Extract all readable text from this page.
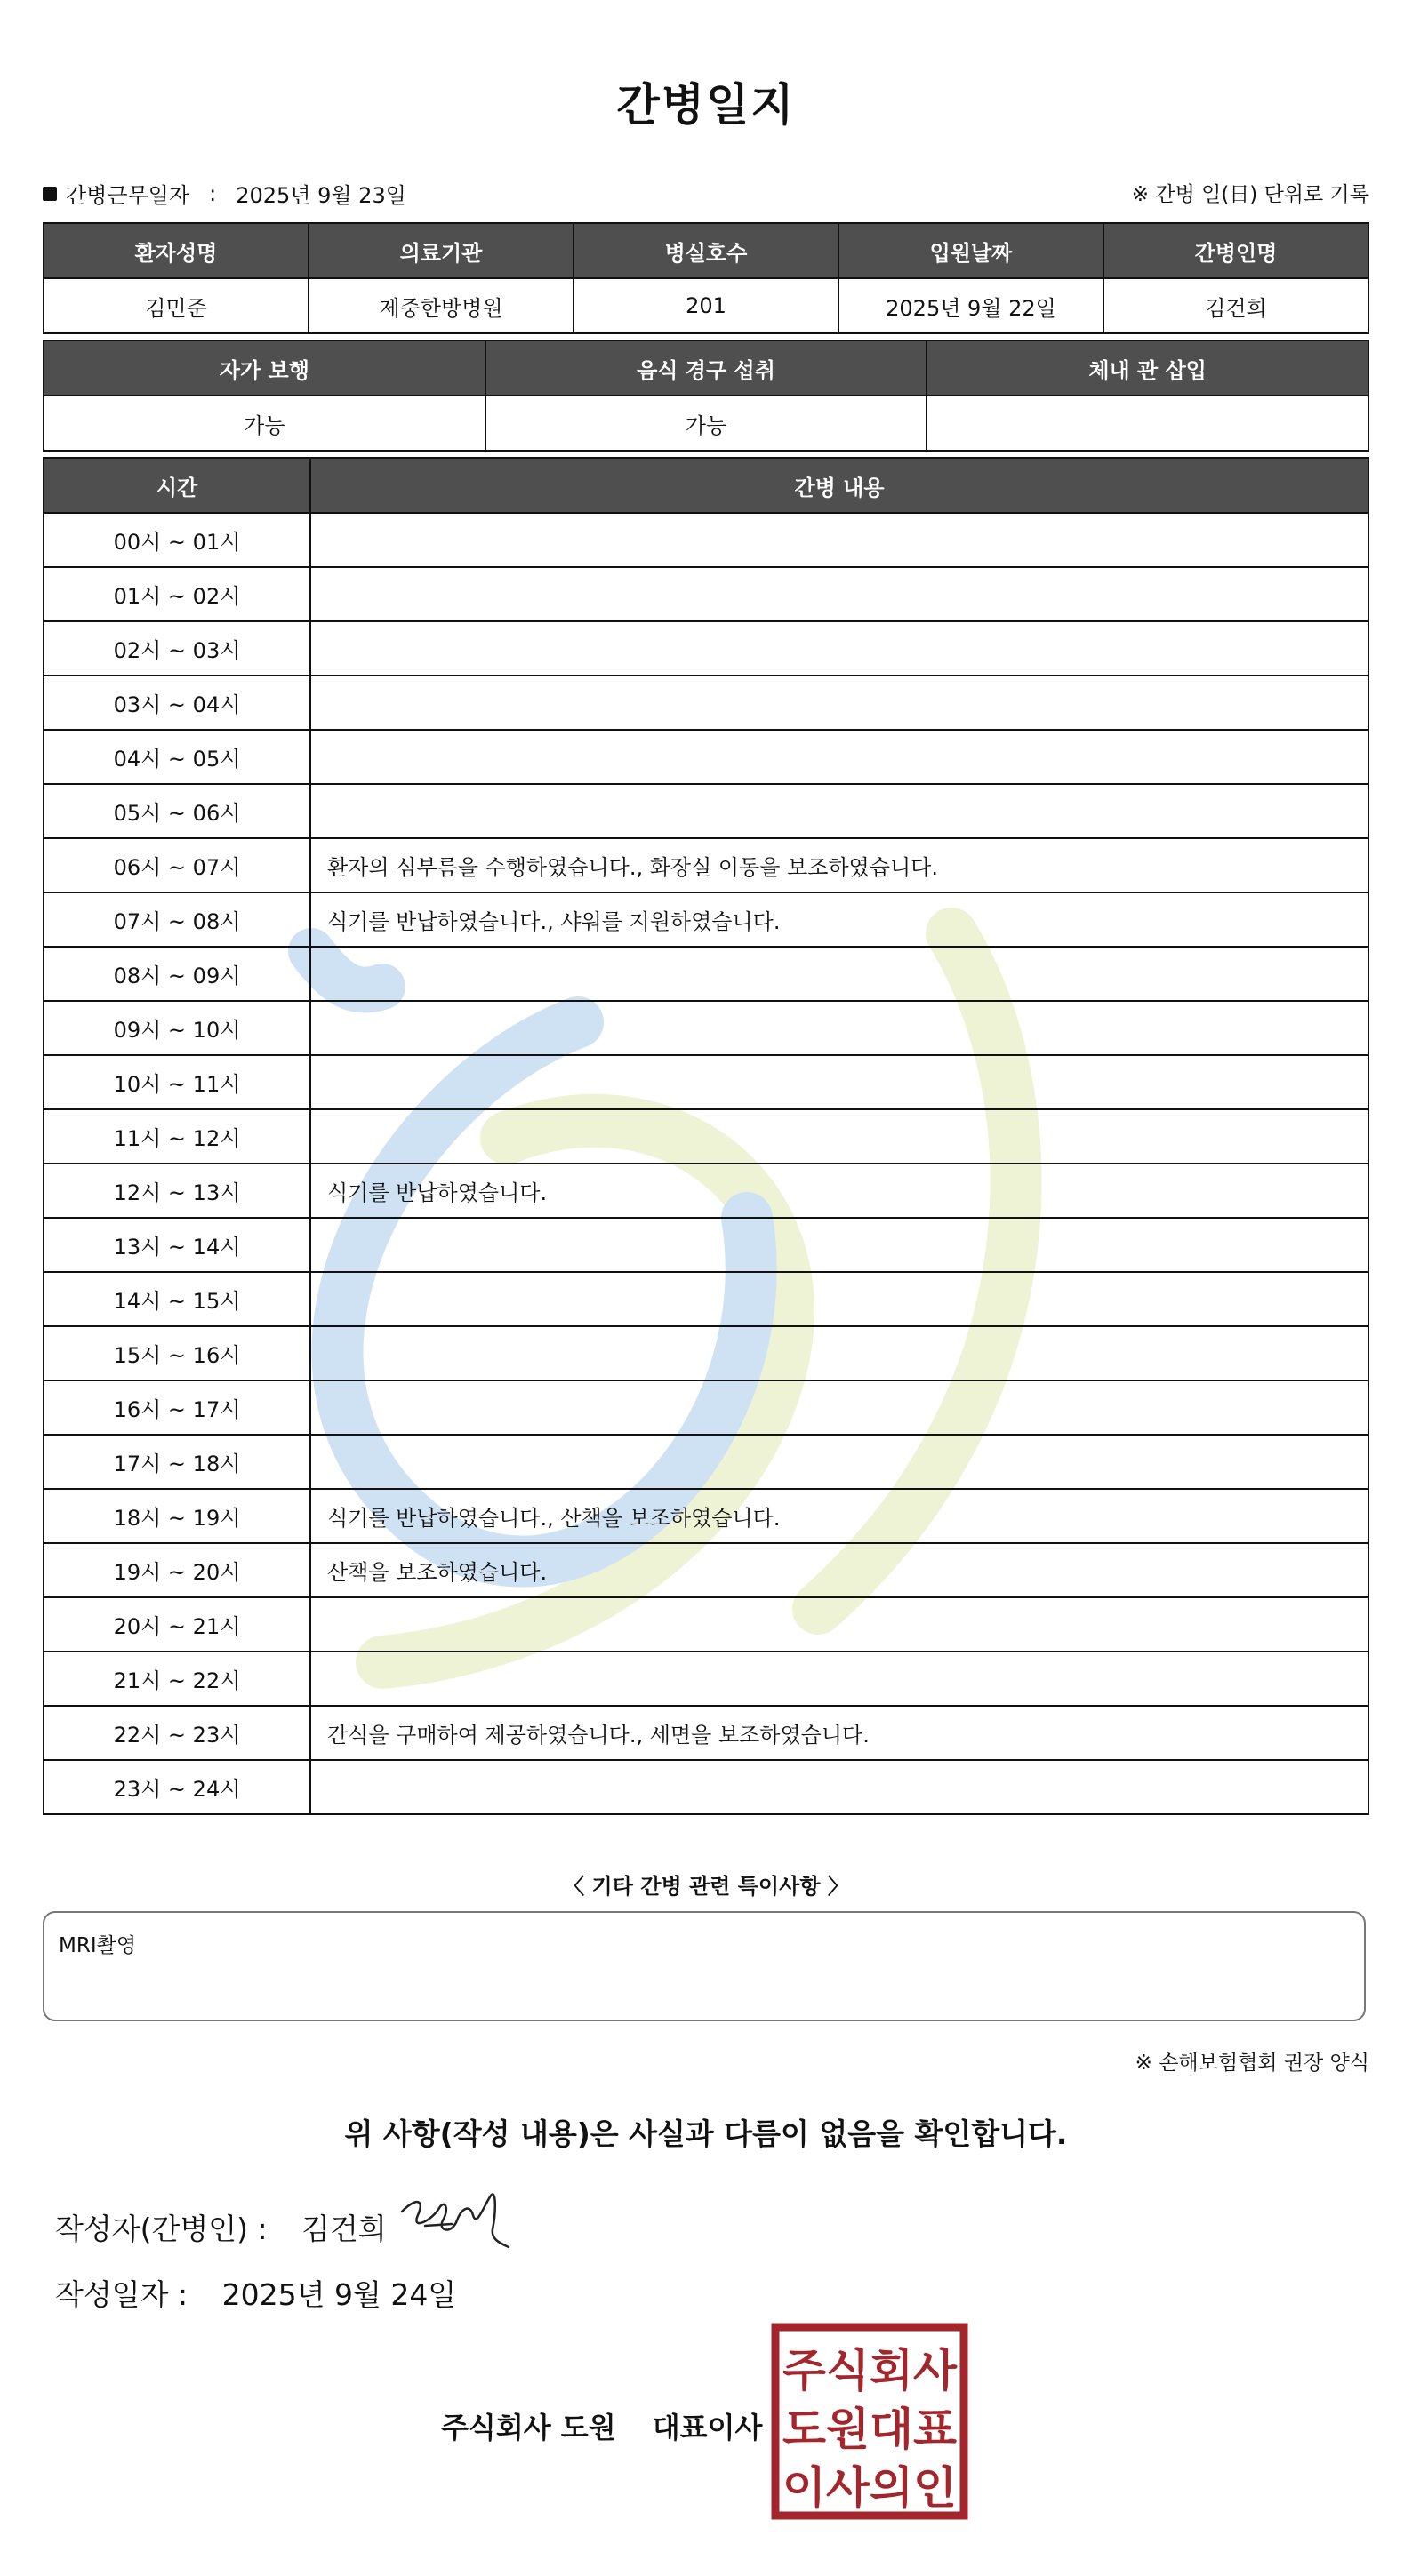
간병일지
간병근무일자 : 2025년 9월 23일	※ 간병 일(日) 단위로 기록
환자성명	의료기관	병실호수	입원날짜	간병인명
김민준	제중한방병원	201	2025년 9월 22일	김건희
자가 보행	음식 경구 섭취	체내 관 삽입
가능	가능	
시간	간병 내용
00시 ~ 01시	
01시 ~ 02시	
02시 ~ 03시	
03시 ~ 04시	
04시 ~ 05시	
05시 ~ 06시	
06시 ~ 07시	환자의 심부름을 수행하였습니다., 화장실 이동을 보조하였습니다.
07시 ~ 08시	식기를 반납하였습니다., 샤워를 지원하였습니다.
08시 ~ 09시	
09시 ~ 10시	
10시 ~ 11시	
11시 ~ 12시	
12시 ~ 13시	식기를 반납하였습니다.
13시 ~ 14시	
14시 ~ 15시	
15시 ~ 16시	
16시 ~ 17시	
17시 ~ 18시	
18시 ~ 19시	식기를 반납하였습니다., 산책을 보조하였습니다.
19시 ~ 20시	산책을 보조하였습니다.
20시 ~ 21시	
21시 ~ 22시	
22시 ~ 23시	간식을 구매하여 제공하였습니다., 세면을 보조하였습니다.
23시 ~ 24시	
〈 기타 간병 관련 특이사항 〉
MRI촬영
※ 손해보험협회 권장 양식
위 사항(작성 내용)은 사실과 다름이 없음을 확인합니다.
작성자(간병인) : 김건희
작성일자 : 2025년 9월 24일
주식회사 도원 대표이사
주식회사
도원대표
이사의인
